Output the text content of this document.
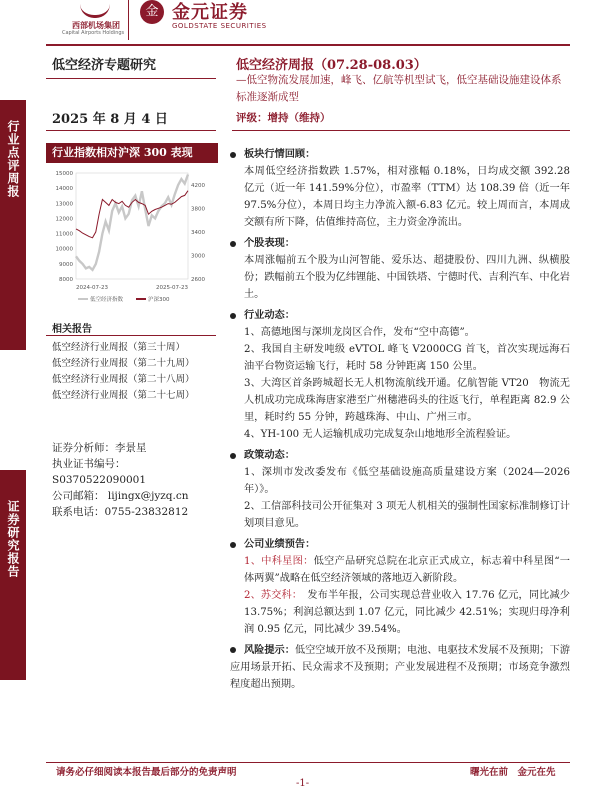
行业点评周报
证券研究报告
西部机场集团
Capital Airports Holdings
金 金元证券
GOLDSTATE SECURITIES
低空经济专题研究
2025 年 8 月 4 日
行业指数相对沪深 300 表现
8000
9000
10000
11000
12000
13000
14000
15000
2600
3000
3400
3800
4200
2024-07-23	2025-07-23
低空经济指数	沪深300
相关报告
低空经济行业周报（第三十周）
低空经济行业周报（第二十九周）
低空经济行业周报（第二十八周）
低空经济行业周报（第二十七周）
证券分析师：李景星
执业证书编号：
S0370522090001
公司邮箱： lijingx@jyzq.cn
联系电话：0755-23832812
低空经济周报（07.28-08.03）
—低空物流发展加速，峰飞、亿航等机型试飞，低空基础设施建设体系标准逐渐成型
评级：增持（维持）
板块行情回顾：
本周低空经济指数跌 1.57%，相对涨幅 0.18%，日均成交额 392.28 亿元（近一年 141.59%分位），市盈率（TTM）达 108.39 倍（近一年 97.5%分位），本周日均主力净流入额-6.83 亿元。较上周而言，本周成交额有所下降，估值维持高位，主力资金净流出。
个股表现：
本周涨幅前五个股为山河智能、爱乐达、超捷股份、四川九洲、纵横股份；跌幅前五个股为亿纬锂能、中国铁塔、宁德时代、吉利汽车、中化岩土。
行业动态：
1、高德地图与深圳龙岗区合作，发布“空中高德”。
2、我国自主研发吨级 eVTOL 峰飞 V2000CG 首飞，首次实现远海石油平台物资运输飞行，耗时 58 分钟距离 150 公里。
3、大湾区首条跨城超长无人机物流航线开通。亿航智能 VT20　物流无人机成功完成珠海唐家港至广州穗港码头的往返飞行，单程距离 82.9 公里，耗时约 55 分钟，跨越珠海、中山、广州三市。
4、YH-100 无人运输机成功完成复杂山地地形全流程验证。
政策动态：
1、深圳市发改委发布《低空基础设施高质量建设方案（2024—2026 年）》。
2、工信部科技司公开征集对 3 项无人机相关的强制性国家标准制修订计划项目意见。
公司业绩预告：
1、中科星图：低空产品研究总院在北京正式成立，标志着中科星图“一体两翼”战略在低空经济领域的落地迈入新阶段。
2、苏交科：　 发布半年报，公司实现总营业收入 17.76 亿元，同比减少 13.75%；利润总额达到 1.07 亿元，同比减少 42.51%；实现归母净利润 0.95 亿元，同比减少 39.54%。
风险提示：低空空域开放不及预期；电池、电驱技术发展不及预期；下游应用场景开拓、民众需求不及预期；产业发展进程不及预期；市场竞争激烈程度超出预期。
请务必仔细阅读本报告最后部分的免责声明	曙光在前　金元在先
-1-
